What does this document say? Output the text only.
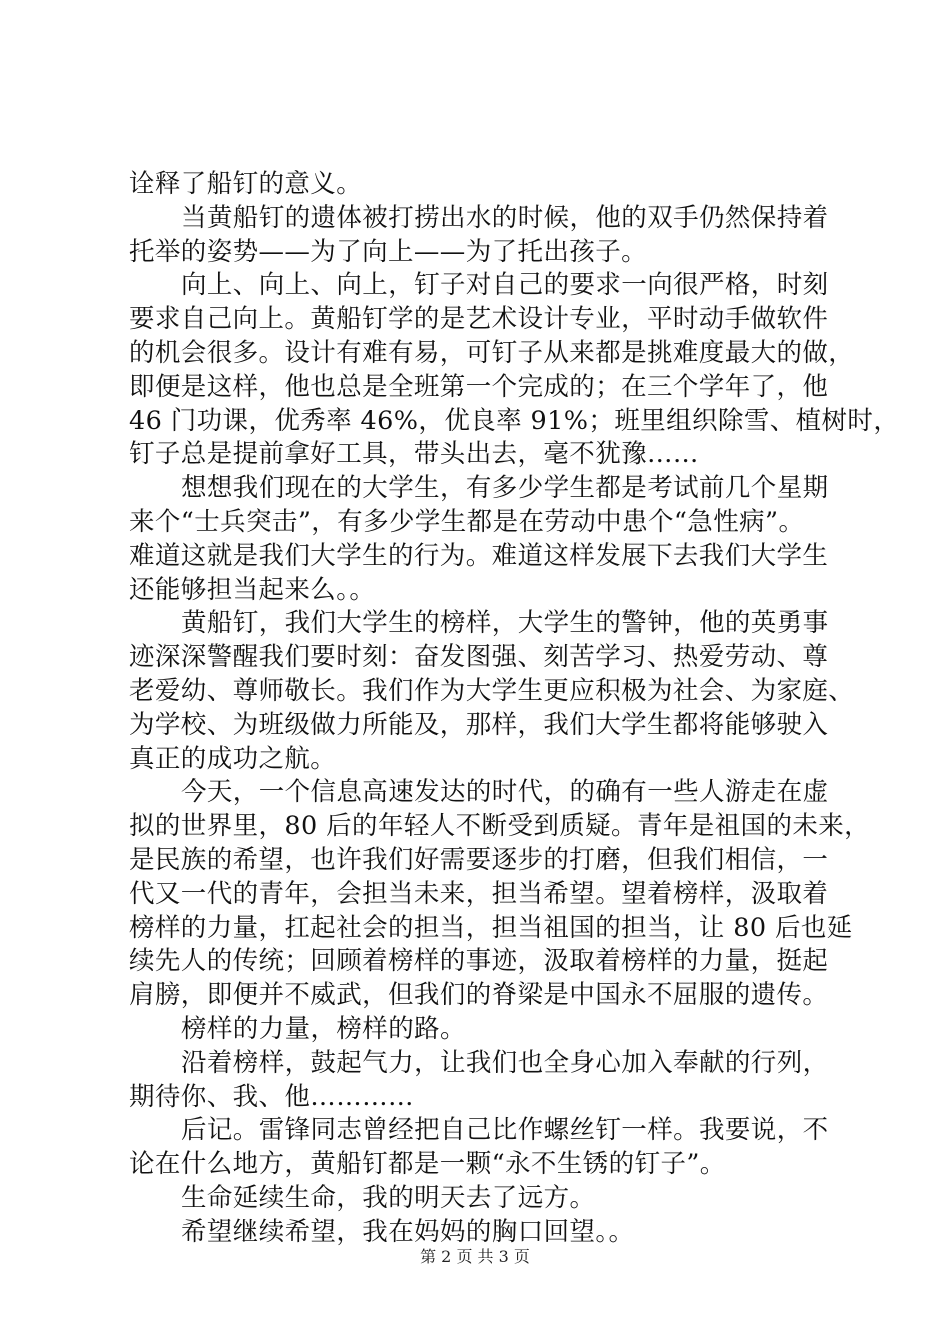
诠释了船钉的意义。
当黄船钉的遗体被打捞出水的时候，他的双手仍然保持着
托举的姿势——为了向上——为了托出孩子。
向上、向上、向上，钉子对自己的要求一向很严格，时刻
要求自己向上。黄船钉学的是艺术设计专业，平时动手做软件
的机会很多。设计有难有易，可钉子从来都是挑难度最大的做，
即便是这样，他也总是全班第一个完成的；在三个学年了，他
46 门功课，优秀率 46%，优良率 91%；班里组织除雪、植树时，
钉子总是提前拿好工具，带头出去，毫不犹豫……
想想我们现在的大学生，有多少学生都是考试前几个星期
来个“士兵突击”，有多少学生都是在劳动中患个“急性病”。
难道这就是我们大学生的行为。难道这样发展下去我们大学生
还能够担当起来么。。
黄船钉，我们大学生的榜样，大学生的警钟，他的英勇事
迹深深警醒我们要时刻：奋发图强、刻苦学习、热爱劳动、尊
老爱幼、尊师敬长。我们作为大学生更应积极为社会、为家庭、
为学校、为班级做力所能及，那样，我们大学生都将能够驶入
真正的成功之航。
今天，一个信息高速发达的时代，的确有一些人游走在虚
拟的世界里，80 后的年轻人不断受到质疑。青年是祖国的未来，
是民族的希望，也许我们好需要逐步的打磨，但我们相信，一
代又一代的青年，会担当未来，担当希望。望着榜样，汲取着
榜样的力量，扛起社会的担当，担当祖国的担当，让 80 后也延
续先人的传统；回顾着榜样的事迹，汲取着榜样的力量，挺起
肩膀，即便并不威武，但我们的脊梁是中国永不屈服的遗传。
榜样的力量，榜样的路。
沿着榜样，鼓起气力，让我们也全身心加入奉献的行列，
期待你、我、他…………
后记。雷锋同志曾经把自己比作螺丝钉一样。我要说，不
论在什么地方，黄船钉都是一颗“永不生锈的钉子”。
生命延续生命，我的明天去了远方。
希望继续希望，我在妈妈的胸口回望。。
第 2 页 共 3 页
